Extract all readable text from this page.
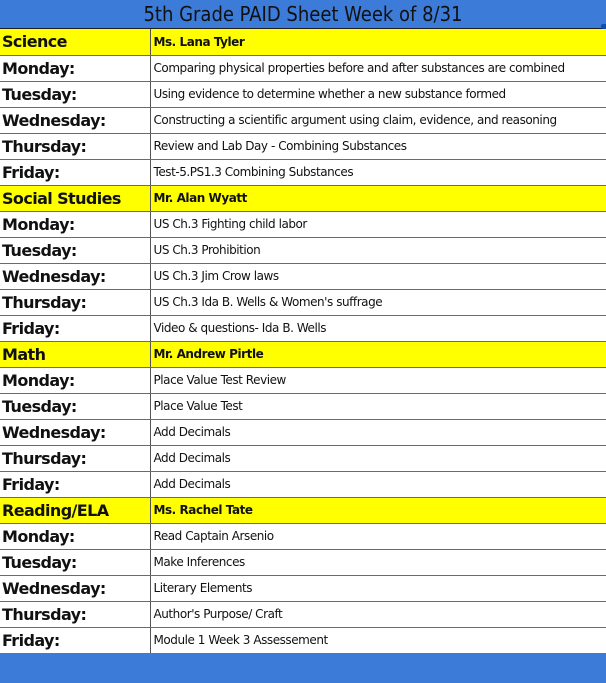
5th Grade PAID Sheet Week of 8/31
Science	Ms. Lana Tyler
Monday:	Comparing physical properties before and after substances are combined
Tuesday:	Using evidence to determine whether a new substance formed
Wednesday:	Constructing a scientific argument using claim, evidence, and reasoning
Thursday:	Review and Lab Day - Combining Substances
Friday:	Test-5.PS1.3 Combining Substances
Social Studies	Mr. Alan Wyatt
Monday:	US Ch.3 Fighting child labor
Tuesday:	US Ch.3 Prohibition
Wednesday:	US Ch.3 Jim Crow laws
Thursday:	US Ch.3 Ida B. Wells & Women's suffrage
Friday:	Video & questions- Ida B. Wells
Math	Mr. Andrew Pirtle
Monday:	Place Value Test Review
Tuesday:	Place Value Test
Wednesday:	Add Decimals
Thursday:	Add Decimals
Friday:	Add Decimals
Reading/ELA	Ms. Rachel Tate
Monday:	Read Captain Arsenio
Tuesday:	Make Inferences
Wednesday:	Literary Elements
Thursday:	Author's Purpose/ Craft
Friday:	Module 1 Week 3 Assessement
